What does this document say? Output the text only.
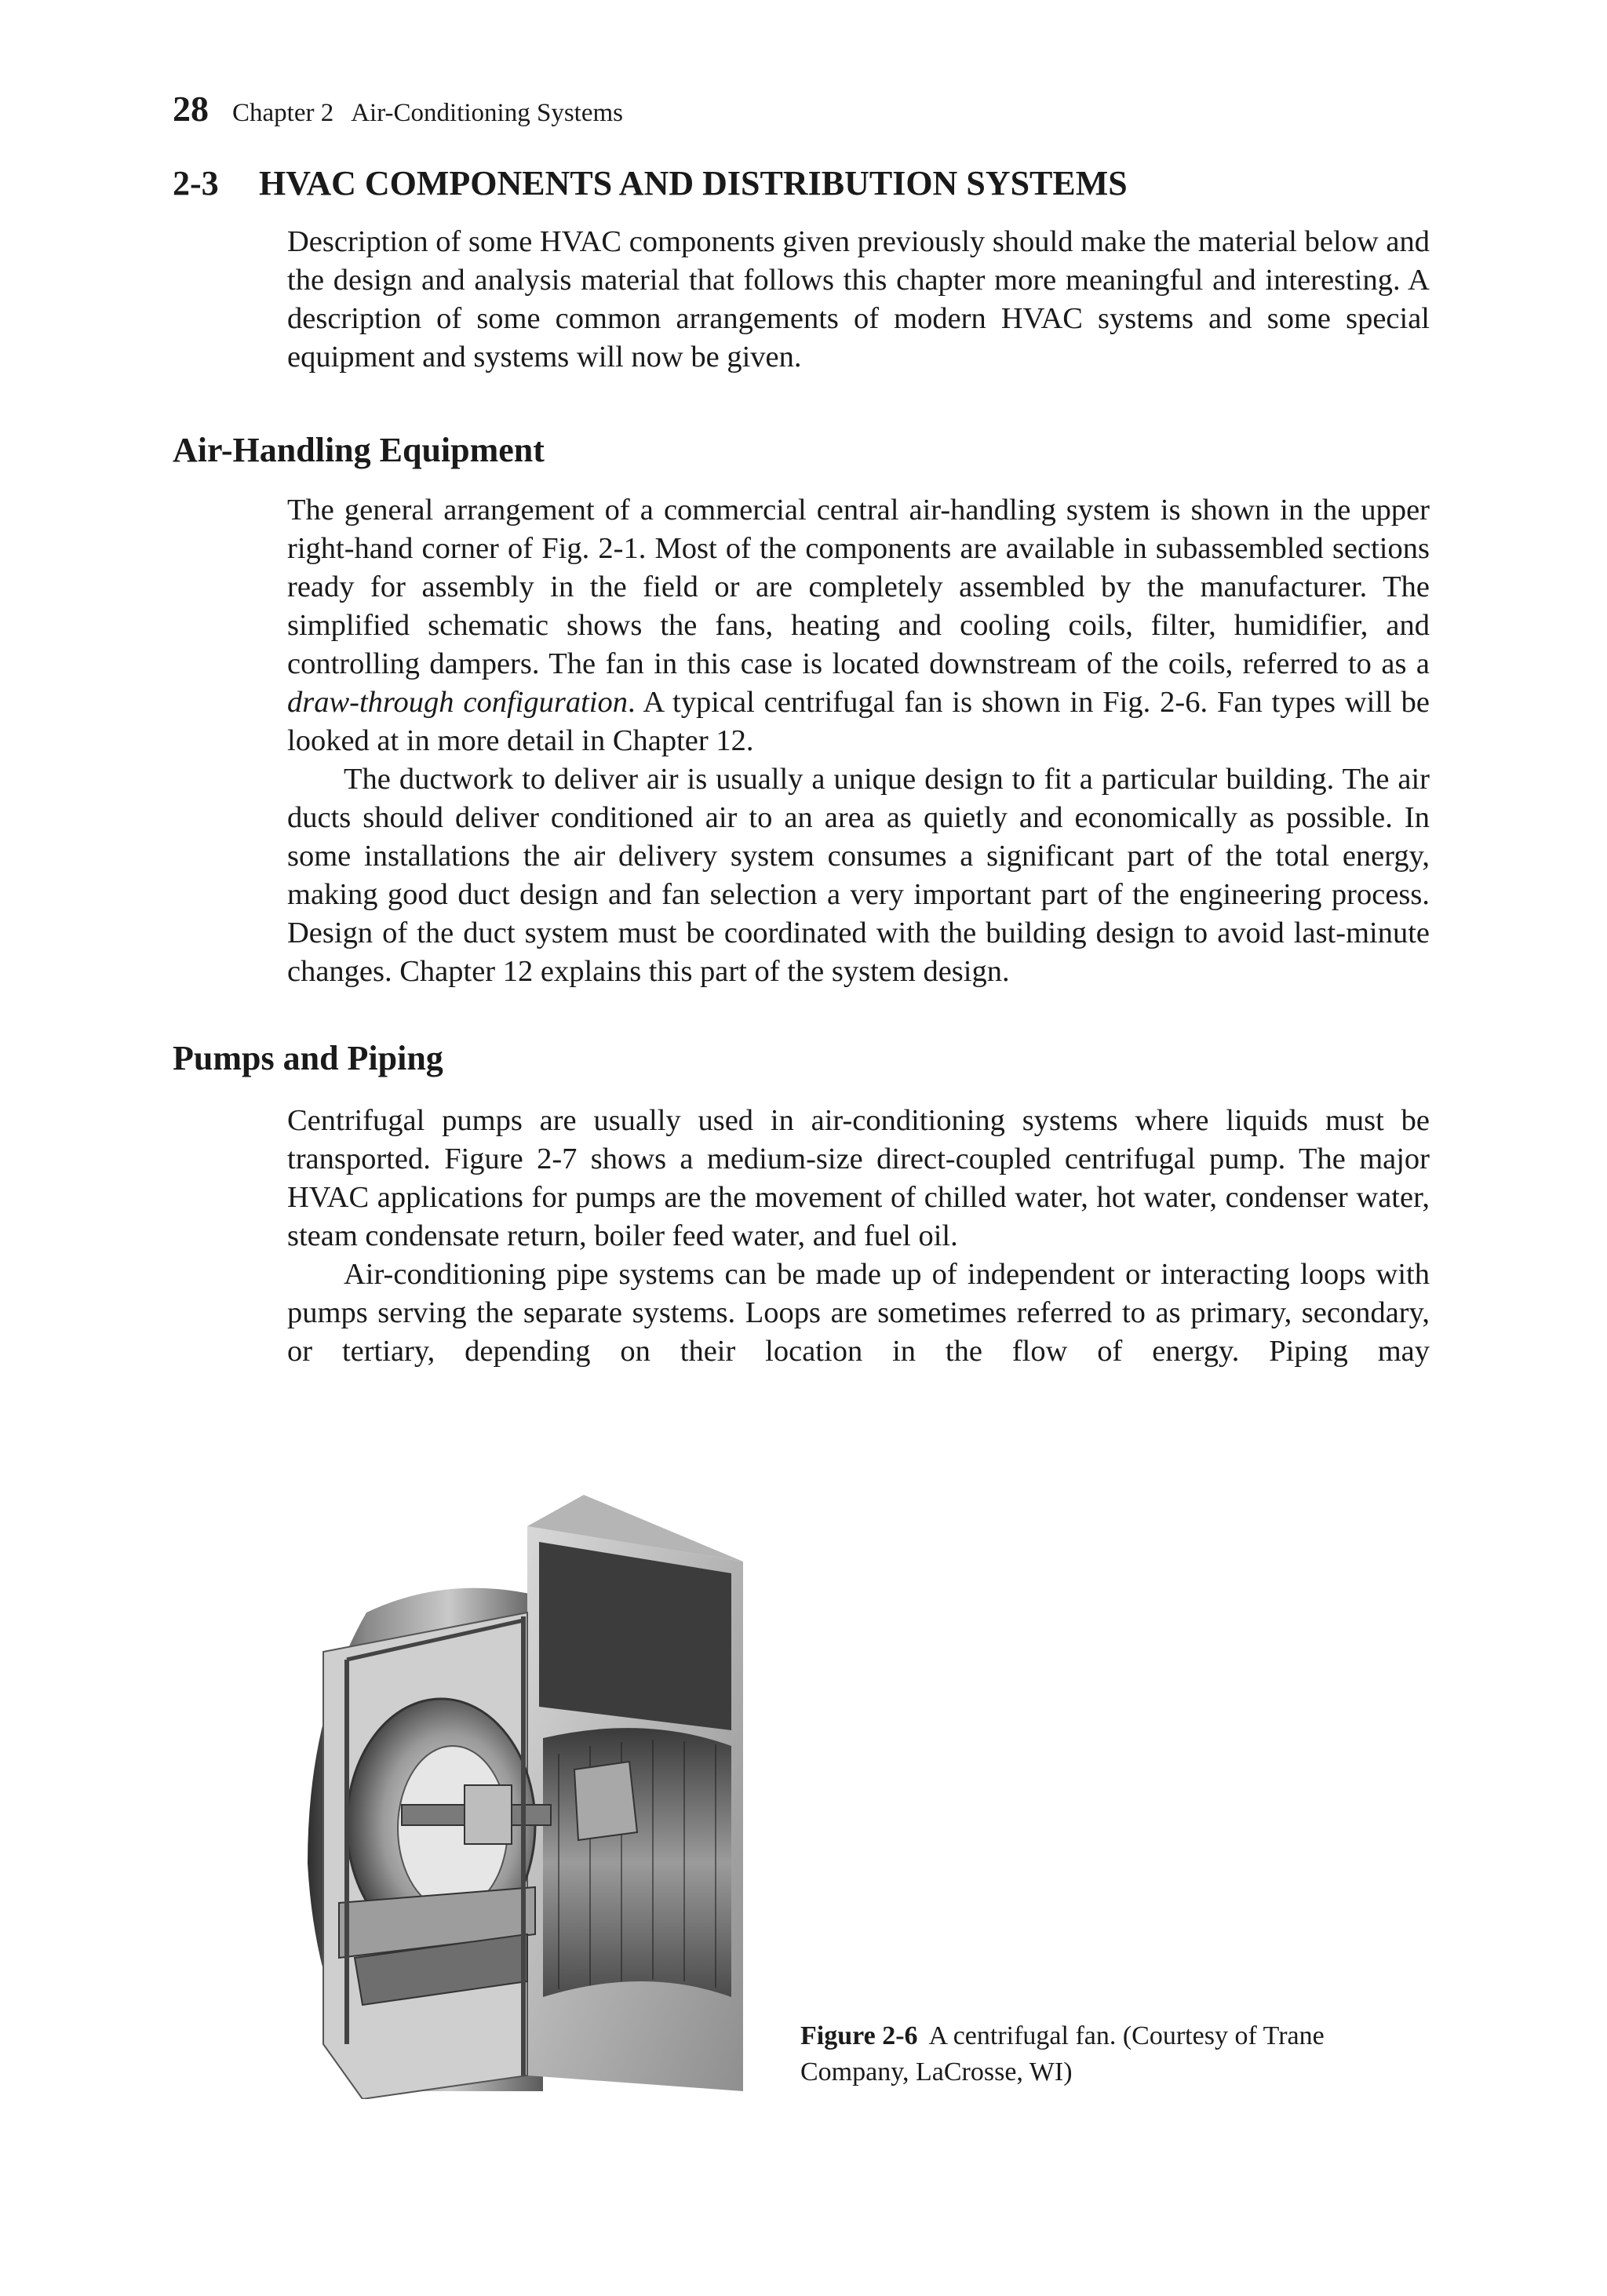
28 Chapter 2 Air-Conditioning Systems
2-3 HVAC COMPONENTS AND DISTRIBUTION SYSTEMS

Description of some HVAC components given previously should make the material below and the design and analysis material that follows this chapter more meaningful and interesting. A description of some common arrangements of modern HVAC systems and some special equipment and systems will now be given.

Air-Handling Equipment

The general arrangement of a commercial central air-handling system is shown in the upper right-hand corner of Fig. 2-1. Most of the components are available in subassembled sections ready for assembly in the field or are completely assembled by the manufacturer. The simplified schematic shows the fans, heating and cooling coils, filter, humidifier, and controlling dampers. The fan in this case is located downstream of the coils, referred to as a draw-through configuration. A typical centrifugal fan is shown in Fig. 2-6. Fan types will be looked at in more detail in Chapter 12.

The ductwork to deliver air is usually a unique design to fit a particular building. The air ducts should deliver conditioned air to an area as quietly and economically as possible. In some installations the air delivery system consumes a significant part of the total energy, making good duct design and fan selection a very important part of the engineering process. Design of the duct system must be coordinated with the building design to avoid last-minute changes. Chapter 12 explains this part of the system design.

Pumps and Piping

Centrifugal pumps are usually used in air-conditioning systems where liquids must be transported. Figure 2-7 shows a medium-size direct-coupled centrifugal pump. The major HVAC applications for pumps are the movement of chilled water, hot water, condenser water, steam condensate return, boiler feed water, and fuel oil.

Air-conditioning pipe systems can be made up of independent or interacting loops with pumps serving the separate systems. Loops are sometimes referred to as primary, secondary, or tertiary, depending on their location in the flow of energy. Piping may

Figure 2-6 A centrifugal fan. (Courtesy of Trane Company, LaCrosse, WI)
